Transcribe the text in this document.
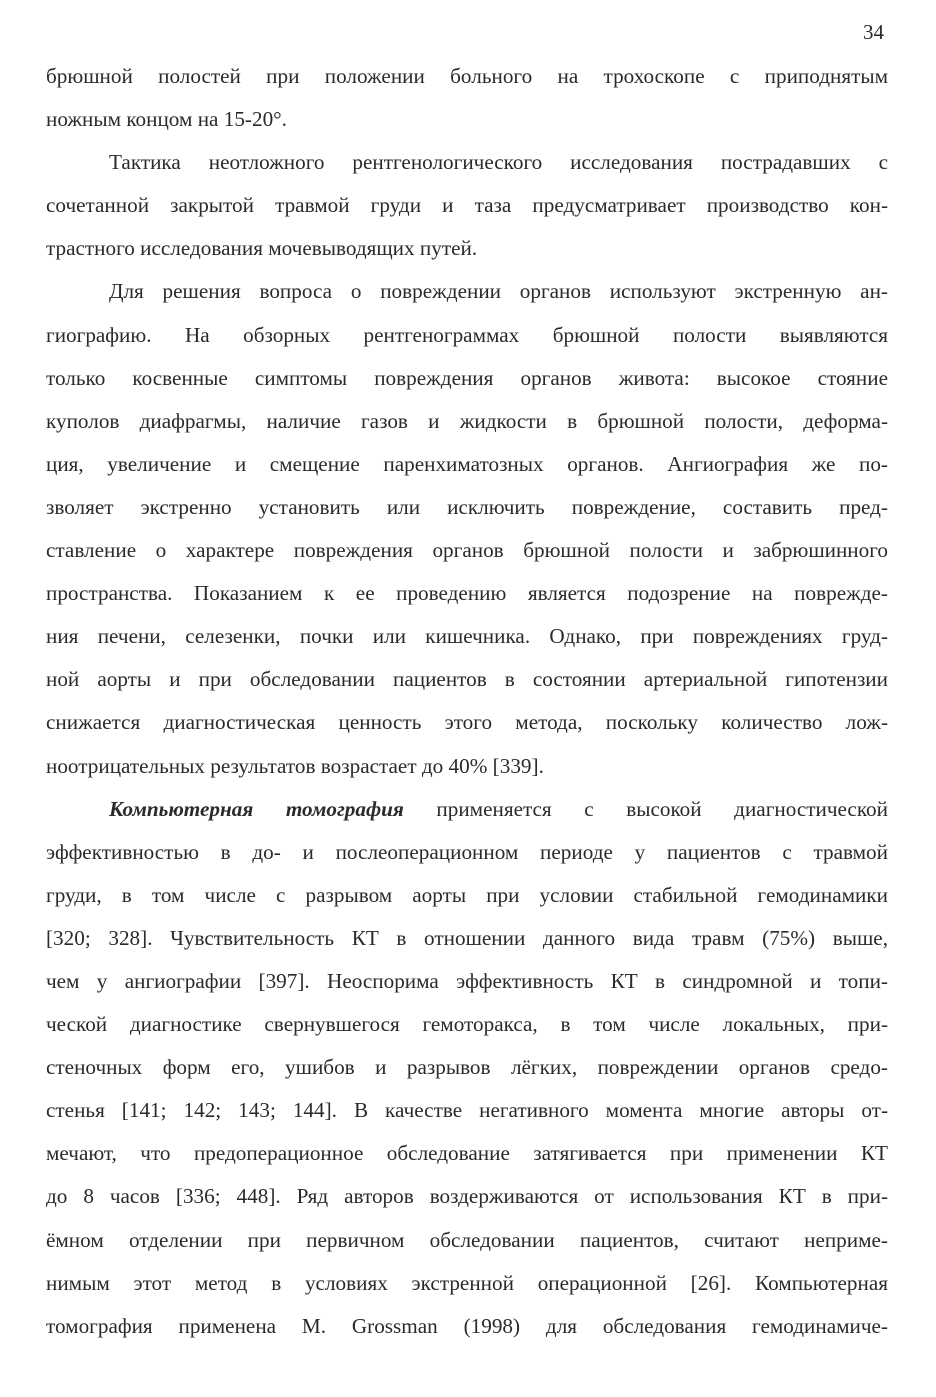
34
брюшной полостей при положении больного на трохоскопе с приподнятым
ножным концом на 15-20°.
Тактика неотложного рентгенологического исследования пострадавших с
сочетанной закрытой травмой груди и таза предусматривает производство кон-
трастного исследования мочевыводящих путей.
Для решения вопроса о повреждении органов используют экстренную ан-
гиографию. На обзорных рентгенограммах брюшной полости выявляются
только косвенные симптомы повреждения органов живота: высокое стояние
куполов диафрагмы, наличие газов и жидкости в брюшной полости, деформа-
ция, увеличение и смещение паренхиматозных органов. Ангиография же по-
зволяет экстренно установить или исключить повреждение, составить пред-
ставление о характере повреждения органов брюшной полости и забрюшинного
пространства. Показанием к ее проведению является подозрение на поврежде-
ния печени, селезенки, почки или кишечника. Однако, при повреждениях груд-
ной аорты и при обследовании пациентов в состоянии артериальной гипотензии
снижается диагностическая ценность этого метода, поскольку количество лож-
ноотрицательных результатов возрастает до 40% [339].
Компьютерная томография применяется с высокой диагностической
эффективностью в до- и послеоперационном периоде у пациентов с травмой
груди, в том числе с разрывом аорты при условии стабильной гемодинамики
[320; 328]. Чувствительность КТ в отношении данного вида травм (75%) выше,
чем у ангиографии [397]. Неоспорима эффективность КТ в синдромной и топи-
ческой диагностике свернувшегося гемоторакса, в том числе локальных, при-
стеночных форм его, ушибов и разрывов лёгких, повреждении органов средо-
стенья [141; 142; 143; 144]. В качестве негативного момента многие авторы от-
мечают, что предоперационное обследование затягивается при применении КТ
до 8 часов [336; 448]. Ряд авторов воздерживаются от использования КТ в при-
ёмном отделении при первичном обследовании пациентов, считают неприме-
нимым этот метод в условиях экстренной операционной [26]. Компьютерная
томография применена M. Grossman (1998) для обследования гемодинамиче-
